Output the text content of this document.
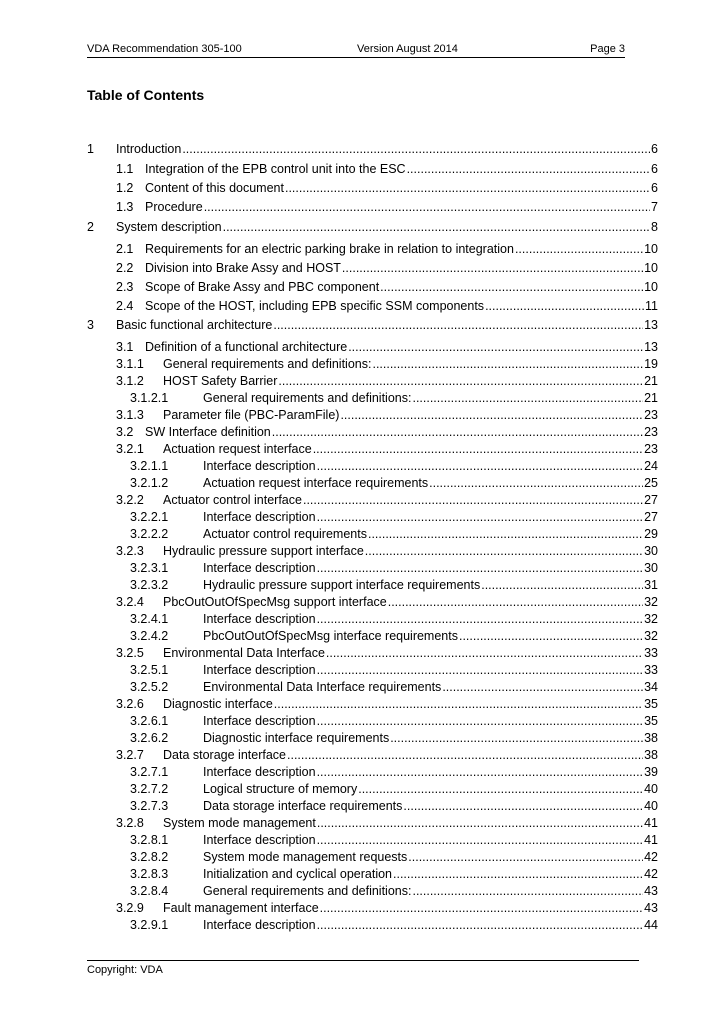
VDA Recommendation 305-100	Version August 2014	Page 3
Table of Contents
1	Introduction .....	6
1.1 Integration of the EPB control unit into the ESC .....	6
1.2 Content of this document .....	6
1.3 Procedure .....	7
2	System description .....	8
2.1 Requirements for an electric parking brake in relation to integration .....	10
2.2 Division into Brake Assy and HOST .....	10
2.3 Scope of Brake Assy and PBC component .....	10
2.4 Scope of the HOST, including EPB specific SSM components .....	11
3	Basic functional architecture .....	13
3.1 Definition of a functional architecture .....	13
3.1.1	General requirements and definitions: .....	19
3.1.2	HOST Safety Barrier .....	21
3.1.2.1	General requirements and definitions: .....	21
3.1.3	Parameter file (PBC-ParamFile) .....	23
3.2 SW Interface definition .....	23
3.2.1	Actuation request interface .....	23
3.2.1.1	Interface description .....	24
3.2.1.2	Actuation request interface requirements .....	25
3.2.2	Actuator control interface .....	27
3.2.2.1	Interface description .....	27
3.2.2.2	Actuator control requirements .....	29
3.2.3	Hydraulic pressure support interface .....	30
3.2.3.1	Interface description .....	30
3.2.3.2	Hydraulic pressure support interface requirements .....	31
3.2.4	PbcOutOutOfSpecMsg support interface .....	32
3.2.4.1	Interface description .....	32
3.2.4.2	PbcOutOutOfSpecMsg interface requirements .....	32
3.2.5	Environmental Data Interface .....	33
3.2.5.1	Interface description .....	33
3.2.5.2	Environmental Data Interface requirements .....	34
3.2.6	Diagnostic interface .....	35
3.2.6.1	Interface description .....	35
3.2.6.2	Diagnostic interface requirements .....	38
3.2.7	Data storage interface .....	38
3.2.7.1	Interface description .....	39
3.2.7.2	Logical structure of memory .....	40
3.2.7.3	Data storage interface requirements .....	40
3.2.8	System mode management .....	41
3.2.8.1	Interface description .....	41
3.2.8.2	System mode management requests .....	42
3.2.8.3	Initialization and cyclical operation .....	42
3.2.8.4	General requirements and definitions: .....	43
3.2.9	Fault management interface .....	43
3.2.9.1	Interface description .....	44
Copyright: VDA
